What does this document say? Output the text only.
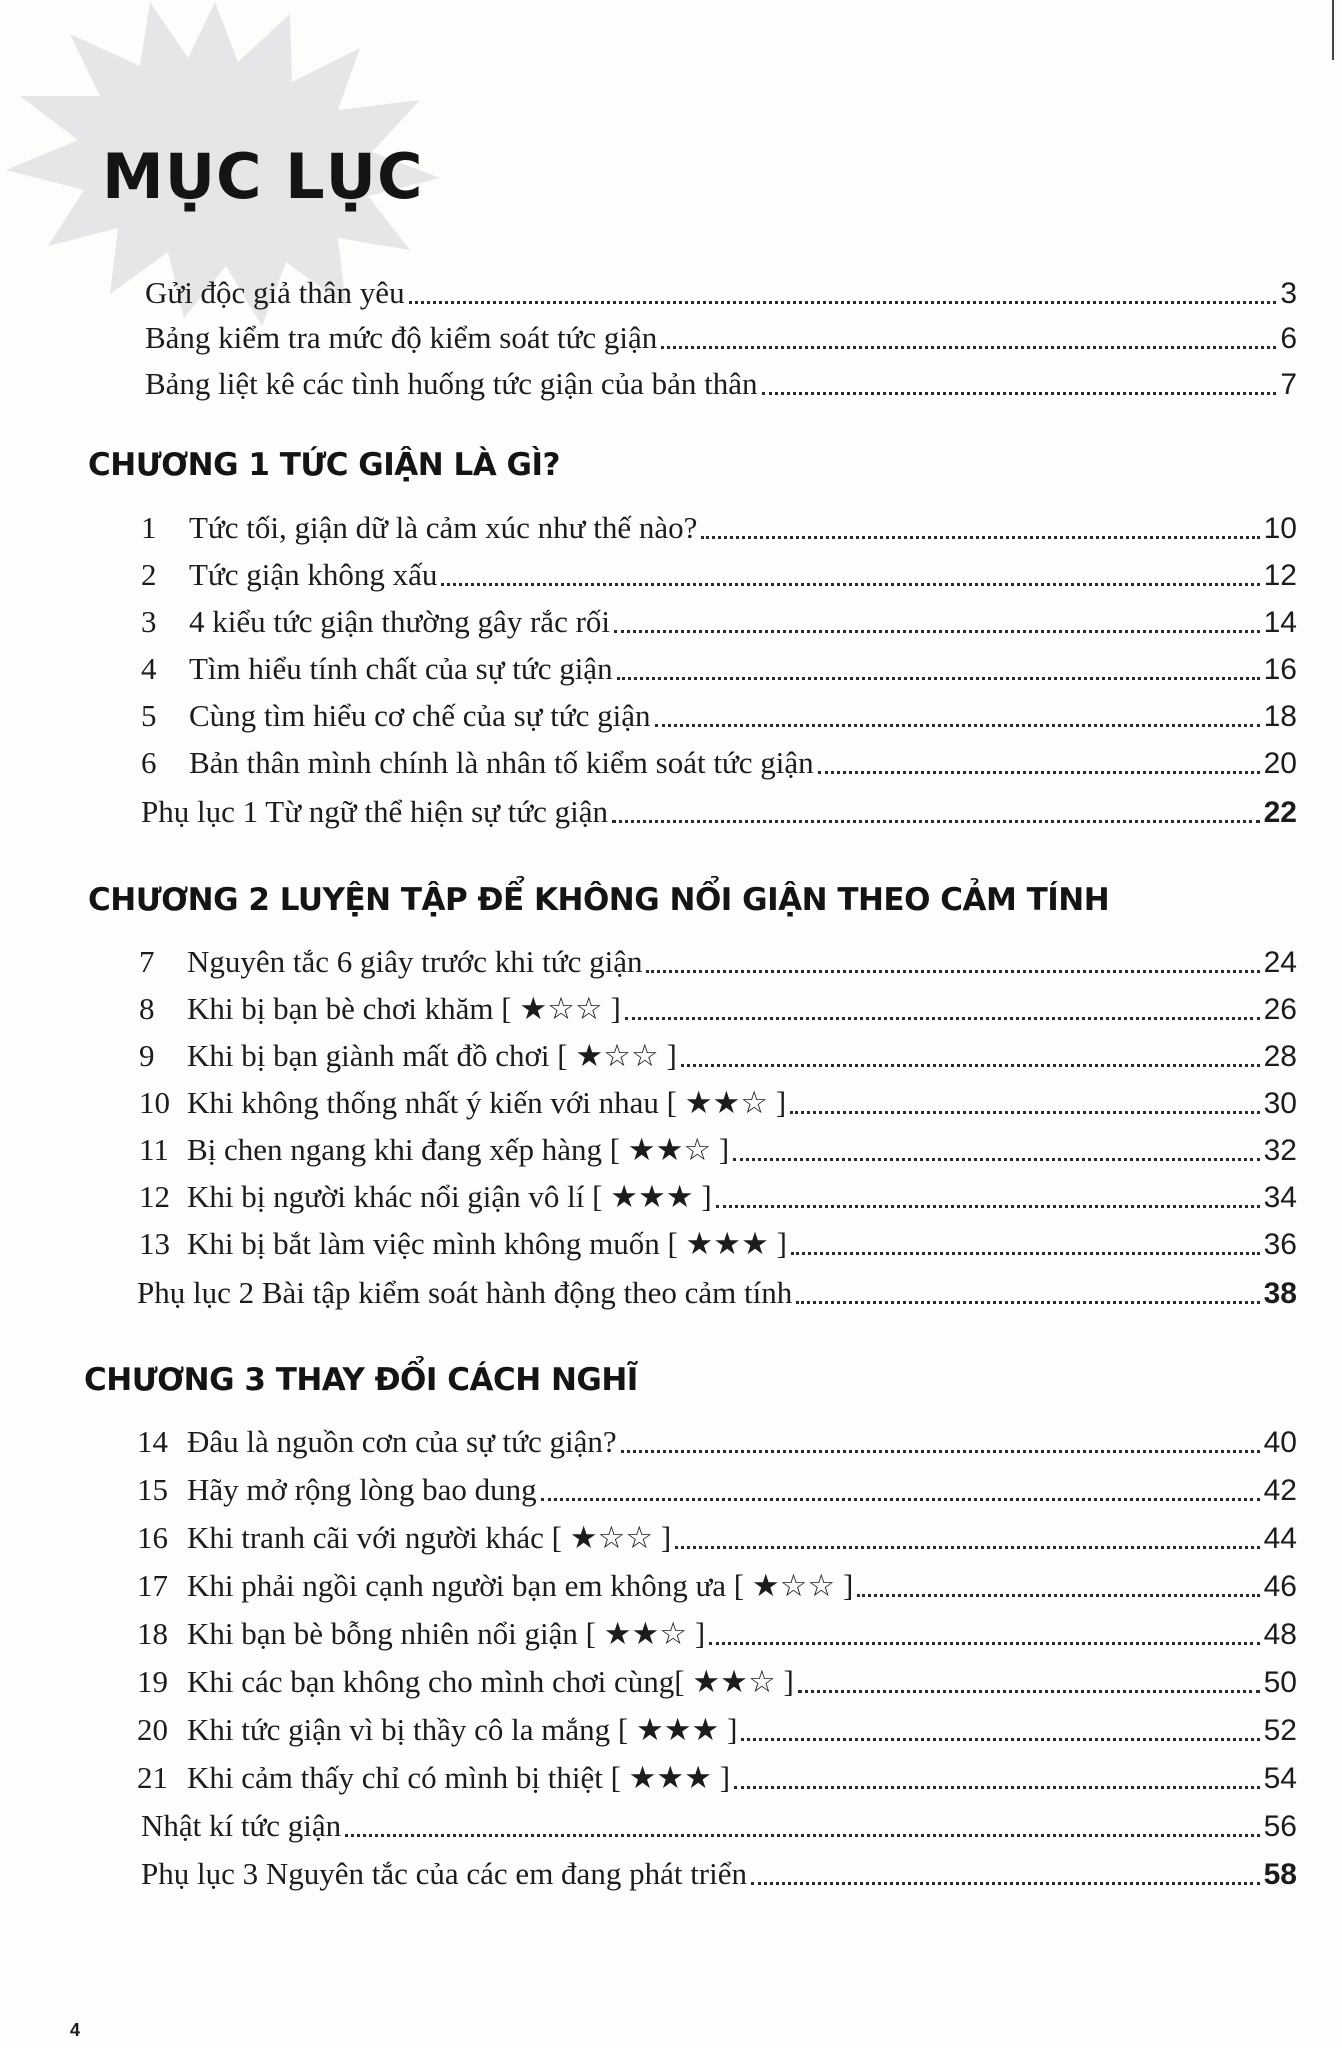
MỤC LỤC
Gửi độc giả thân yêu	3
Bảng kiểm tra mức độ kiểm soát tức giận	6
Bảng liệt kê các tình huống tức giận của bản thân	7
CHƯƠNG 1 TỨC GIẬN LÀ GÌ?
1	Tức tối, giận dữ là cảm xúc như thế nào?	10
2	Tức giận không xấu	12
3	4 kiểu tức giận thường gây rắc rối	14
4	Tìm hiểu tính chất của sự tức giận	16
5	Cùng tìm hiểu cơ chế của sự tức giận	18
6	Bản thân mình chính là nhân tố kiểm soát tức giận	20
Phụ lục 1 Từ ngữ thể hiện sự tức giận	22
CHƯƠNG 2 LUYỆN TẬP ĐỂ KHÔNG NỔI GIẬN THEO CẢM TÍNH
7	Nguyên tắc 6 giây trước khi tức giận	24
8	Khi bị bạn bè chơi khăm [ ★☆☆ ]	26
9	Khi bị bạn giành mất đồ chơi [ ★☆☆ ]	28
10 Khi không thống nhất ý kiến với nhau [ ★★☆ ]	30
11 Bị chen ngang khi đang xếp hàng [ ★★☆ ]	32
12 Khi bị người khác nổi giận vô lí [ ★★★ ]	34
13 Khi bị bắt làm việc mình không muốn [ ★★★ ]	36
Phụ lục 2 Bài tập kiểm soát hành động theo cảm tính	38
CHƯƠNG 3 THAY ĐỔI CÁCH NGHĨ
14 Đâu là nguồn cơn của sự tức giận?	40
15 Hãy mở rộng lòng bao dung	42
16 Khi tranh cãi với người khác [ ★☆☆ ]	44
17 Khi phải ngồi cạnh người bạn em không ưa [ ★☆☆ ]	46
18 Khi bạn bè bỗng nhiên nổi giận [ ★★☆ ]	48
19 Khi các bạn không cho mình chơi cùng[ ★★☆ ]	50
20 Khi tức giận vì bị thầy cô la mắng [ ★★★ ]	52
21 Khi cảm thấy chỉ có mình bị thiệt [ ★★★ ]	54
Nhật kí tức giận	56
Phụ lục 3 Nguyên tắc của các em đang phát triển	58
4
